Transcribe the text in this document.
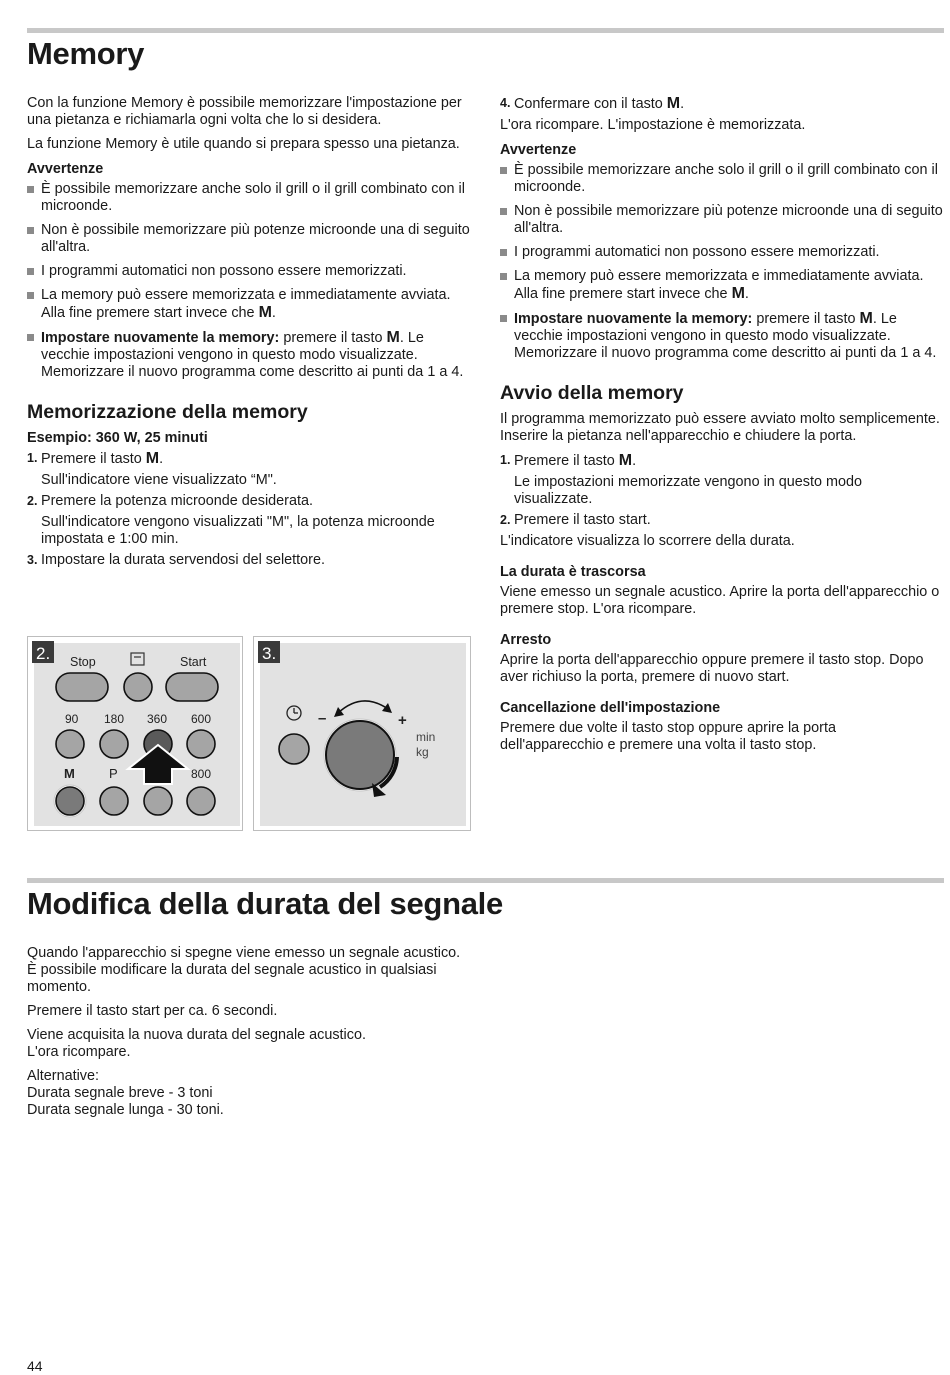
Memory

Con la funzione Memory è possibile memorizzare l'impostazione per una pietanza e richiamarla ogni volta che lo si desidera.

La funzione Memory è utile quando si prepara spesso una pietanza.

Avvertenze
È possibile memorizzare anche solo il grill o il grill combinato con il microonde.
Non è possibile memorizzare più potenze microonde una di seguito all'altra.
I programmi automatici non possono essere memorizzati.
La memory può essere memorizzata e immediatamente avviata. Alla fine premere start invece che M.
Impostare nuovamente la memory: premere il tasto M. Le vecchie impostazioni vengono in questo modo visualizzate. Memorizzare il nuovo programma come descritto ai punti da 1 a 4.
Memorizzazione della memory
Esempio: 360 W, 25 minuti
1. Premere il tasto M.
Sull'indicatore viene visualizzato “M".
2. Premere la potenza microonde desiderata.
Sull'indicatore vengono visualizzati "M", la potenza microonde impostata e 1:00 min.
3. Impostare la durata servendosi del selettore.
2. Stop	Start
90 180 360 600
M	P	800
3.
–	+
min
kg
4. Confermare con il tasto M.

L'ora ricompare. L'impostazione è memorizzata.

Avvertenze
È possibile memorizzare anche solo il grill o il grill combinato con il microonde.
Non è possibile memorizzare più potenze microonde una di seguito all'altra.
I programmi automatici non possono essere memorizzati.
La memory può essere memorizzata e immediatamente avviata. Alla fine premere start invece che M.
Impostare nuovamente la memory: premere il tasto M. Le vecchie impostazioni vengono in questo modo visualizzate. Memorizzare il nuovo programma come descritto ai punti da 1 a 4.
Avvio della memory

Il programma memorizzato può essere avviato molto semplicemente. Inserire la pietanza nell'apparecchio e chiudere la porta.

1. Premere il tasto M.
Le impostazioni memorizzate vengono in questo modo visualizzate.
2. Premere il tasto start.

L'indicatore visualizza lo scorrere della durata.

La durata è trascorsa

Viene emesso un segnale acustico. Aprire la porta dell'apparecchio o premere stop. L'ora ricompare.

Arresto

Aprire la porta dell'apparecchio oppure premere il tasto stop. Dopo aver richiuso la porta, premere di nuovo start.

Cancellazione dell'impostazione

Premere due volte il tasto stop oppure aprire la porta dell'apparecchio e premere una volta il tasto stop.

Modifica della durata del segnale

Quando l'apparecchio si spegne viene emesso un segnale acustico. È possibile modificare la durata del segnale acustico in qualsiasi momento.

Premere il tasto start per ca. 6 secondi.

Viene acquisita la nuova durata del segnale acustico.
L'ora ricompare.

Alternative:
Durata segnale breve - 3 toni
Durata segnale lunga - 30 toni.

44
